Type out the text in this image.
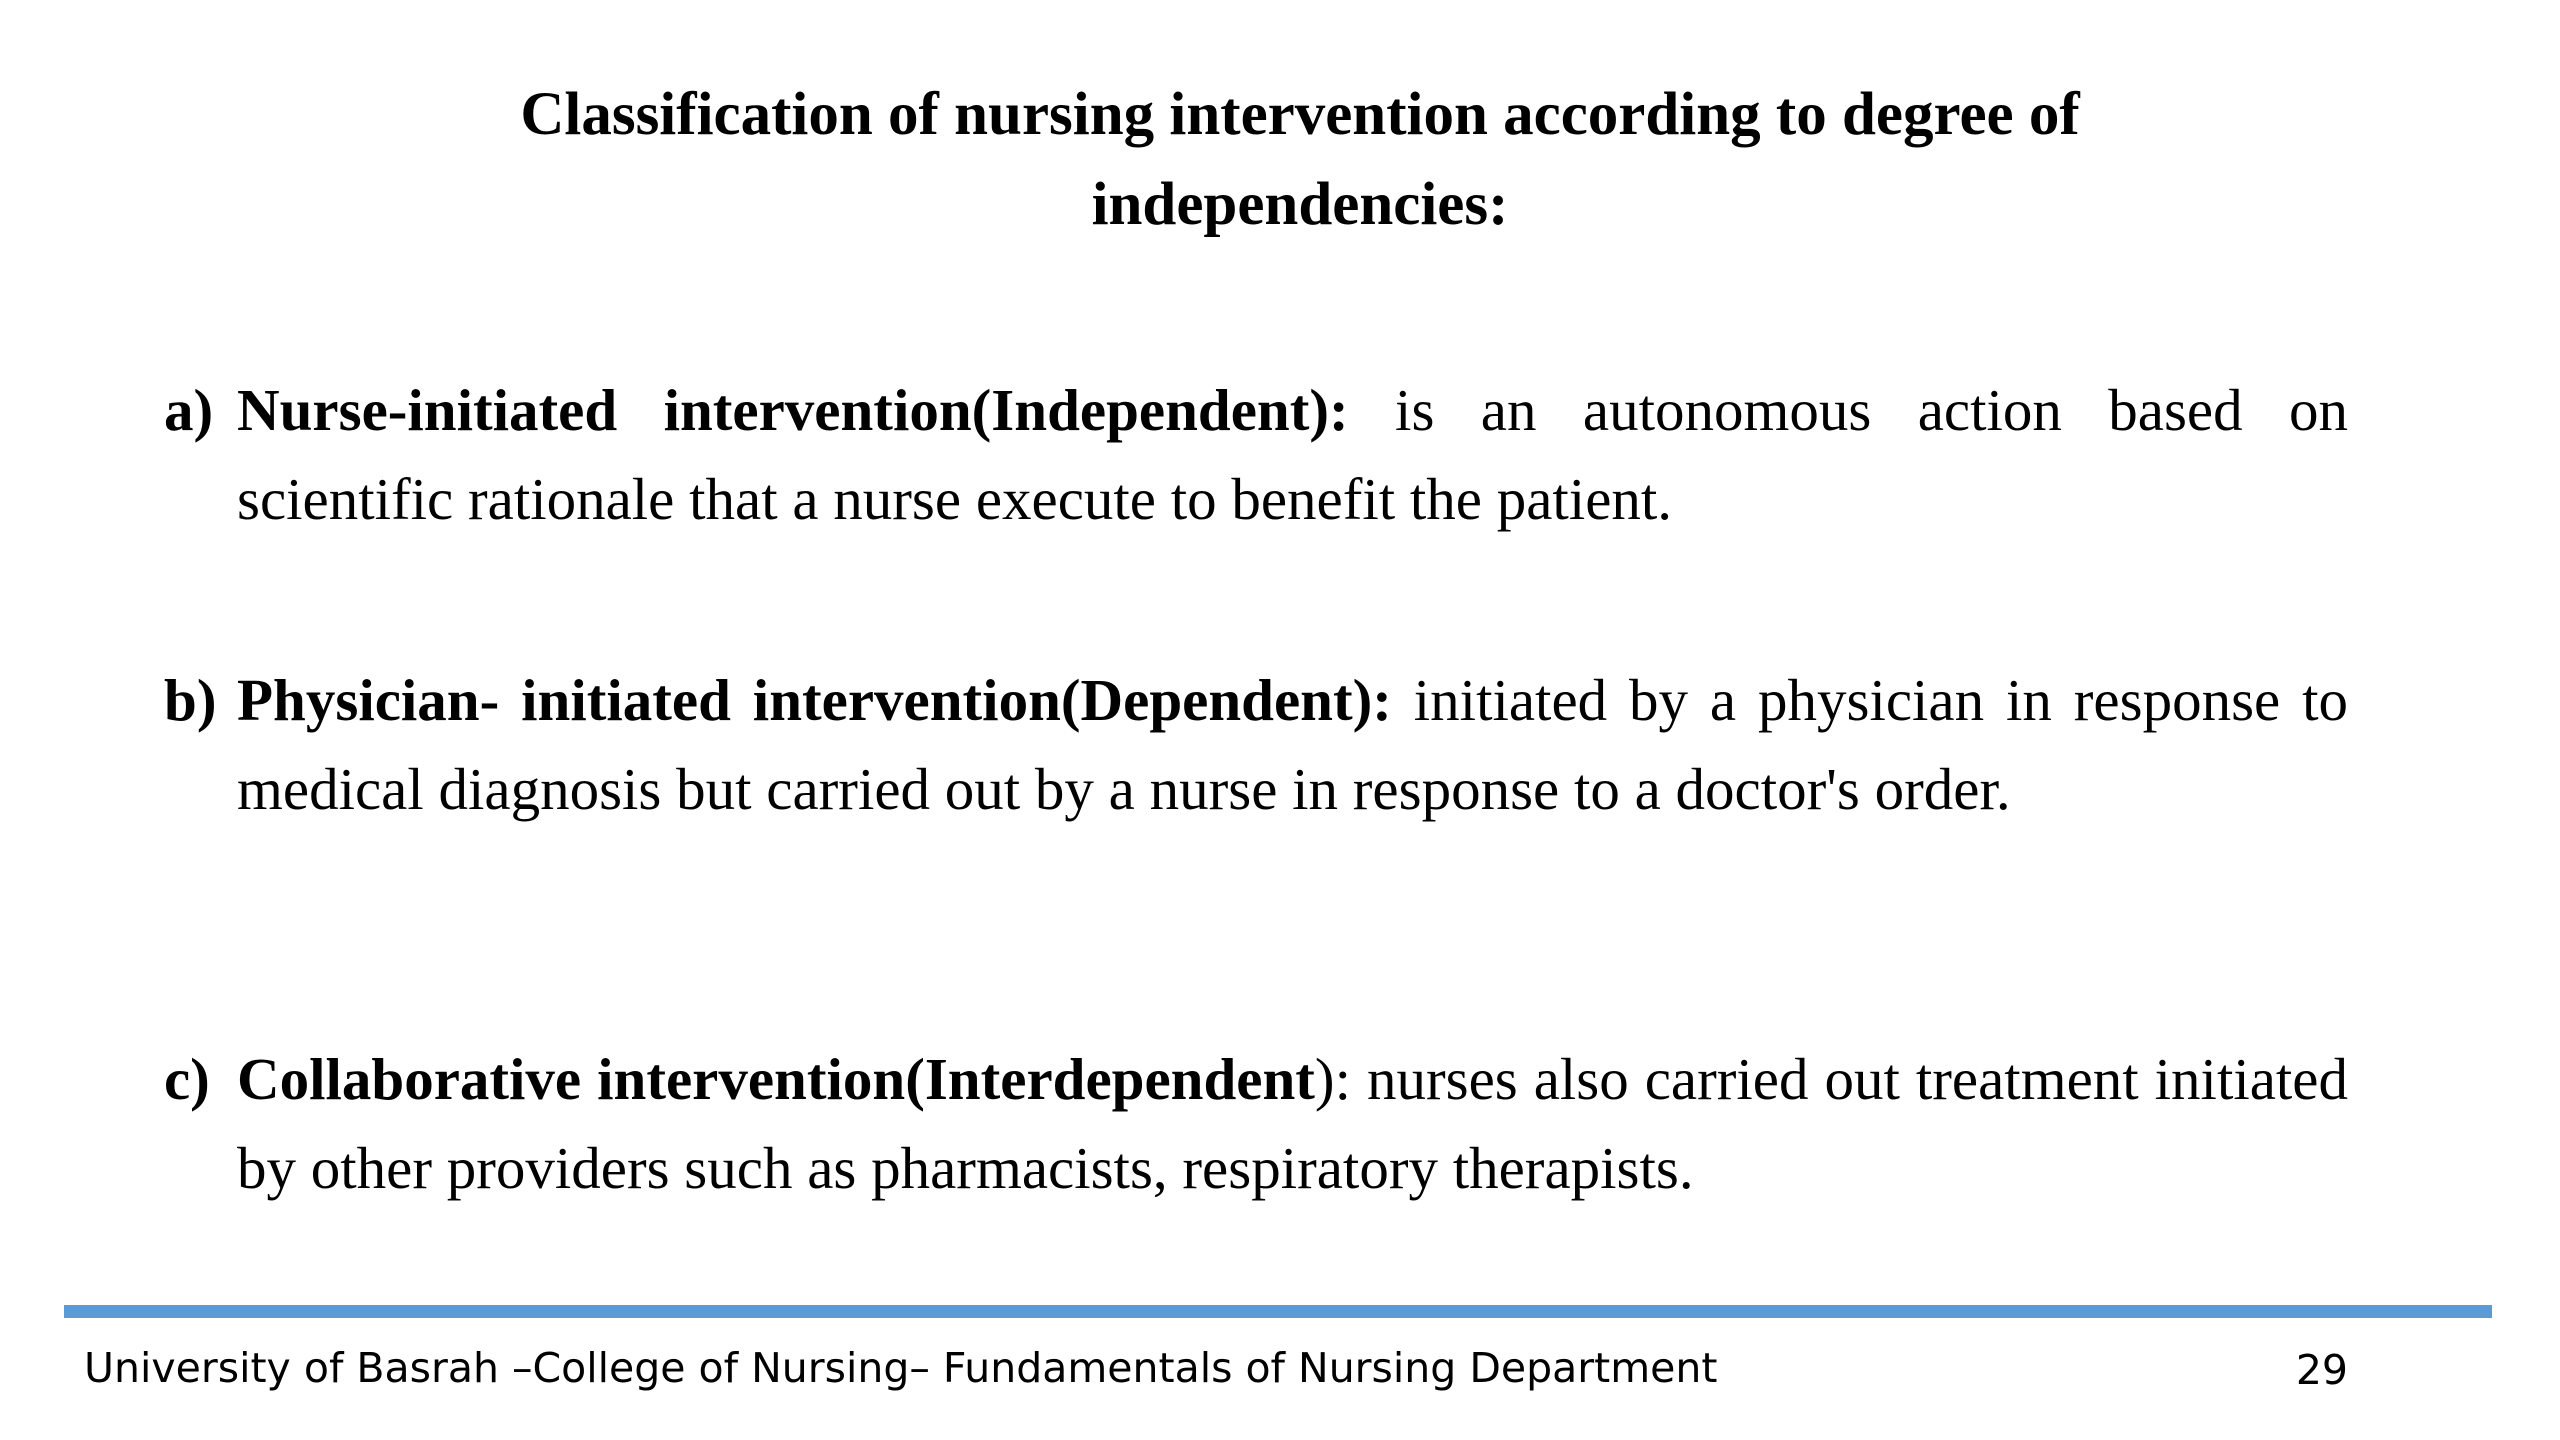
Classification of nursing intervention according to degree of independencies:
a) Nurse-initiated intervention(Independent): is an autonomous action based on scientific rationale that a nurse execute to benefit the patient.
b) Physician- initiated intervention(Dependent): initiated by a physician in response to medical diagnosis but carried out by a nurse in response to a doctor's order.
c) Collaborative intervention(Interdependent): nurses also carried out treatment initiated by other providers such as pharmacists, respiratory therapists.
University of Basrah –College of Nursing– Fundamentals of Nursing Department	29
